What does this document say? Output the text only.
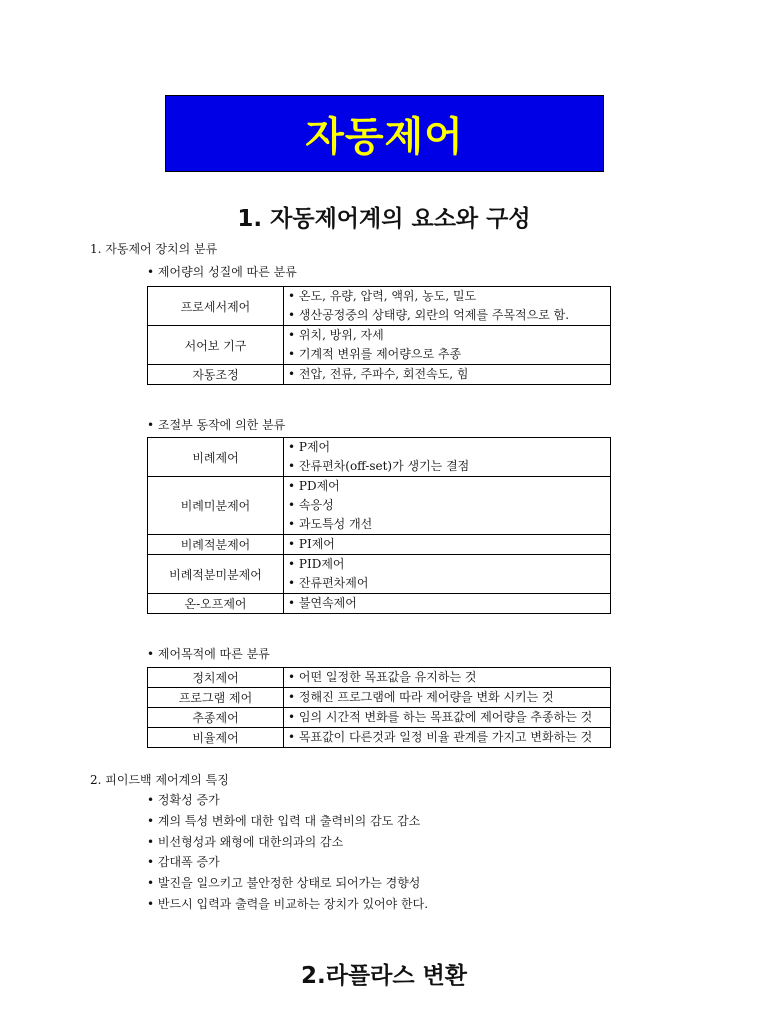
자동제어
1. 자동제어계의 요소와 구성
1. 자동제어 장치의 분류
• 제어량의 성질에 따른 분류
프로세서제어	• 온도, 유량, 압력, 액위, 농도, 밀도
• 생산공정중의 상태량, 외란의 억제를 주목적으로 함.

서어보 기구	• 위치, 방위, 자세
• 기계적 변위를 제어량으로 추종

자동조정	• 전압, 전류, 주파수, 회전속도, 힘
• 조절부 동작에 의한 분류
비례제어	• P제어
• 잔류편차(off-set)가 생기는 결점

비례미분제어	• PD제어
• 속응성
• 과도특성 개선

비례적분제어	• PI제어

비례적분미분제어	• PID제어
• 잔류편차제어

온-오프제어	• 불연속제어
• 제어목적에 따른 분류
정치제어	• 어떤 일정한 목표값을 유지하는 것

프로그램 제어	• 정해진 프로그램에 따라 제어량을 변화 시키는 것

추종제어	• 임의 시간적 변화를 하는 목표값에 제어량을 추종하는 것

비율제어	• 목표값이 다른것과 일정 비율 관계를 가지고 변화하는 것
2. 피이드백 제어계의 특징
• 정확성 증가
• 계의 특성 변화에 대한 입력 대 출력비의 감도 감소
• 비선형성과 왜형에 대한의과의 감소
• 감대폭 증가
• 발진을 일으키고 불안정한 상태로 되어가는 경향성
• 반드시 입력과 출력을 비교하는 장치가 있어야 한다.
2.라플라스 변환
